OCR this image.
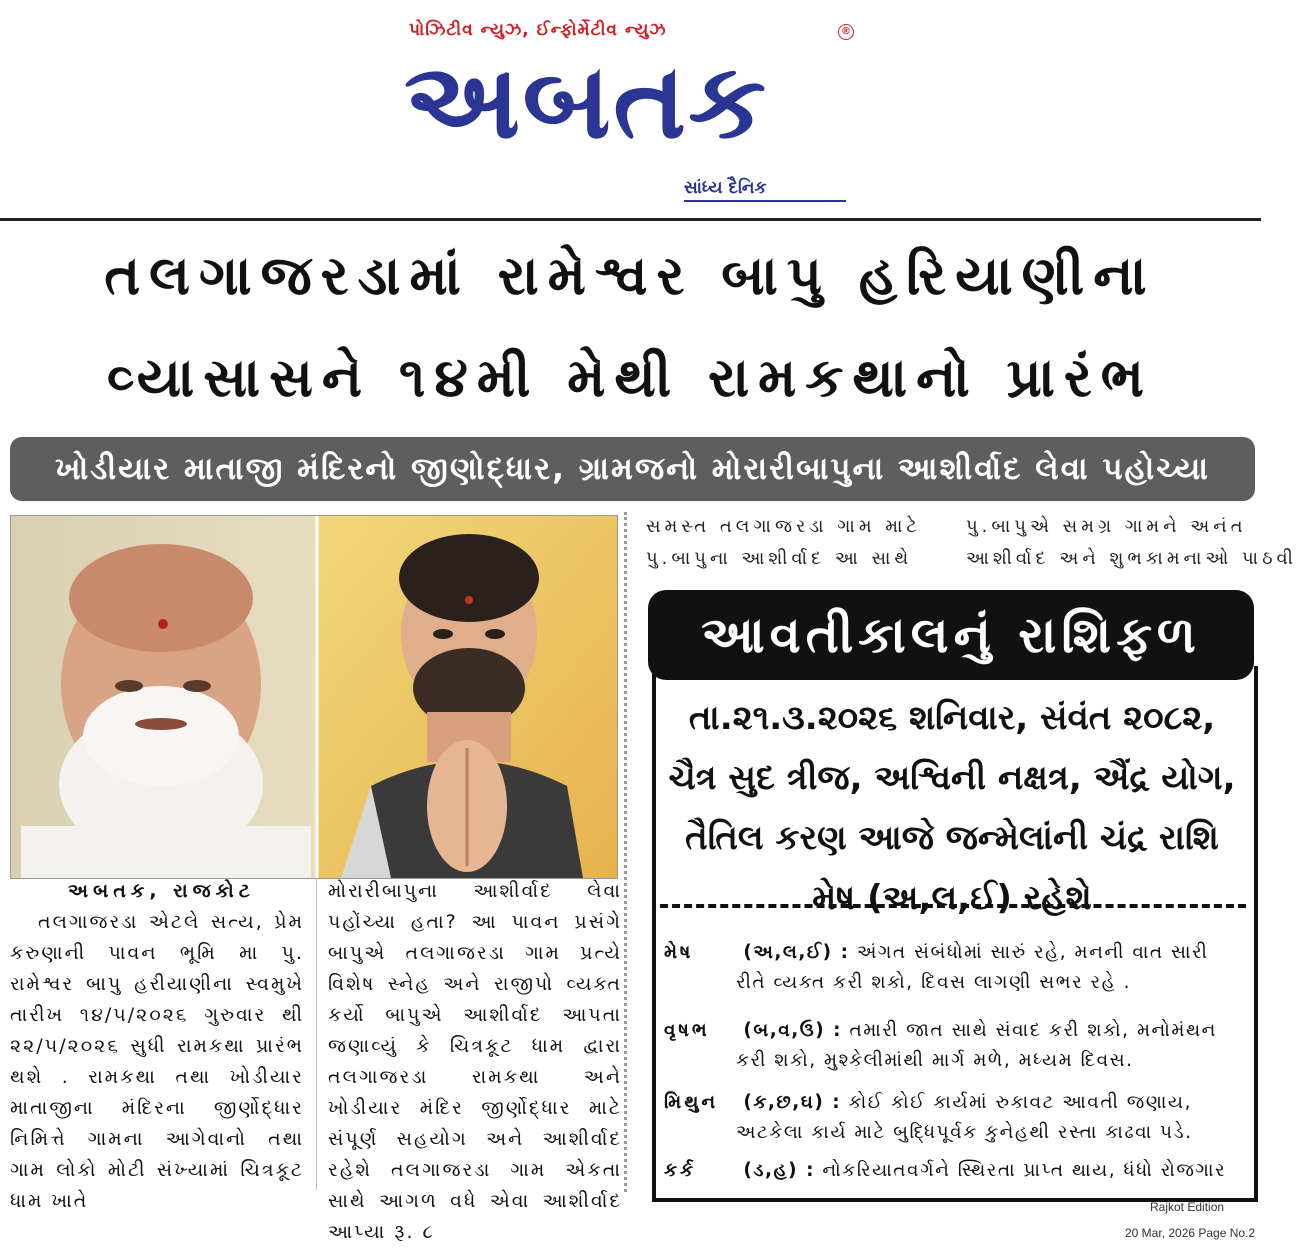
પોઝિટીવ ન્યુઝ, ઈન્ફોર્મેટીવ ન્યુઝ	®
અબતક
સાંધ્ય દૈનિક
તલગાજરડામાં રામેશ્વર બાપુ હરિયાણીના
વ્યાસાસને ૧૪મી મેથી રામકથાનો પ્રારંભ
ખોડીયાર માતાજી મંદિરનો જીણોદ્ધાર, ગ્રામજનો મોરારીબાપુના આશીર્વાદ લેવા પહોચ્યા
અબતક, રાજકોટ
તલગાજરડા એટલે સત્ય, પ્રેમ કરુણાની પાવન ભૂમિ મા પુ. રામેશ્વર બાપુ હરીયાણીના સ્વમુખે તારીખ ૧૪/૫/૨૦૨૬ ગુરુવાર થી ૨૨/૫/૨૦૨૬ સુધી રામકથા પ્રારંભ થશે . રામકથા તથા ખોડીયાર માતાજીના મંદિરના જીર્ણોદ્ધાર નિમિત્તે ગામના આગેવાનો તથા ગામ લોકો મોટી સંખ્યામાં ચિત્રકૂટ ધામ ખાતે
મોરારીબાપુના આશીર્વાદ લેવા પહોંચ્યા હતા? આ પાવન પ્રસંગે બાપુએ તલગાજરડા ગામ પ્રત્યે વિશેષ સ્નેહ અને રાજીપો વ્યક્ત કર્યો બાપુએ આશીર્વાદ આપતા જણાવ્યું કે ચિત્રકૂટ ધામ દ્વારા તલગાજરડા રામકથા અને ખોડીયાર મંદિર જીર્ણોદ્ધાર માટે સંપૂર્ણ સહયોગ અને આશીર્વાદ રહેશે તલગાજરડા ગામ એકતા સાથે આગળ વધે એવા આશીર્વાદ આપ્યા રૂ. ૮
સમસ્ત તલગાજરડા ગામ માટે
પુ.બાપુના આશીર્વાદ આ સાથે
પુ.બાપુએ સમગ્ર ગામને અનંત
આશીર્વાદ અને શુભકામનાઓ પાઠવી
આવતીકાલનું રાશિફળ
તા.૨૧.૩.૨૦૨૬ શનિવાર, સંવંત ૨૦૮૨, ચૈત્ર સુદ ત્રીજ, અશ્વિની નક્ષત્ર, ઐંદ્ર યોગ, તૈતિલ કરણ આજે જન્મેલાંની ચંદ્ર રાશિ મેષ (અ,લ,ઈ) રહેશે
મેષ	(અ,લ,ઈ) : અંગત સંબંધોમાં સારું રહે, મનની વાત સારી
રીતે વ્યક્ત કરી શકો, દિવસ લાગણી સભર રહે .
વૃષભ (બ,વ,ઉ) : તમારી જાત સાથે સંવાદ કરી શકો, મનોમંથન
કરી શકો, મુશ્કેલીમાંથી માર્ગ મળે, મધ્યમ દિવસ.
મિથુન (ક,છ,ઘ) : કોઈ કોઈ કાર્યમાં રુકાવટ આવતી જણાય,
અટકેલા કાર્ય માટે બુદ્ધિપૂર્વક કુનેહથી રસ્તા કાઢવા પડે.
કર્ક	(ડ,હ) : નોકરિયાતવર્ગને સ્થિરતા પ્રાપ્ત થાય, ધંધો રોજગાર
Rajkot Edition
20 Mar, 2026 Page No.2
